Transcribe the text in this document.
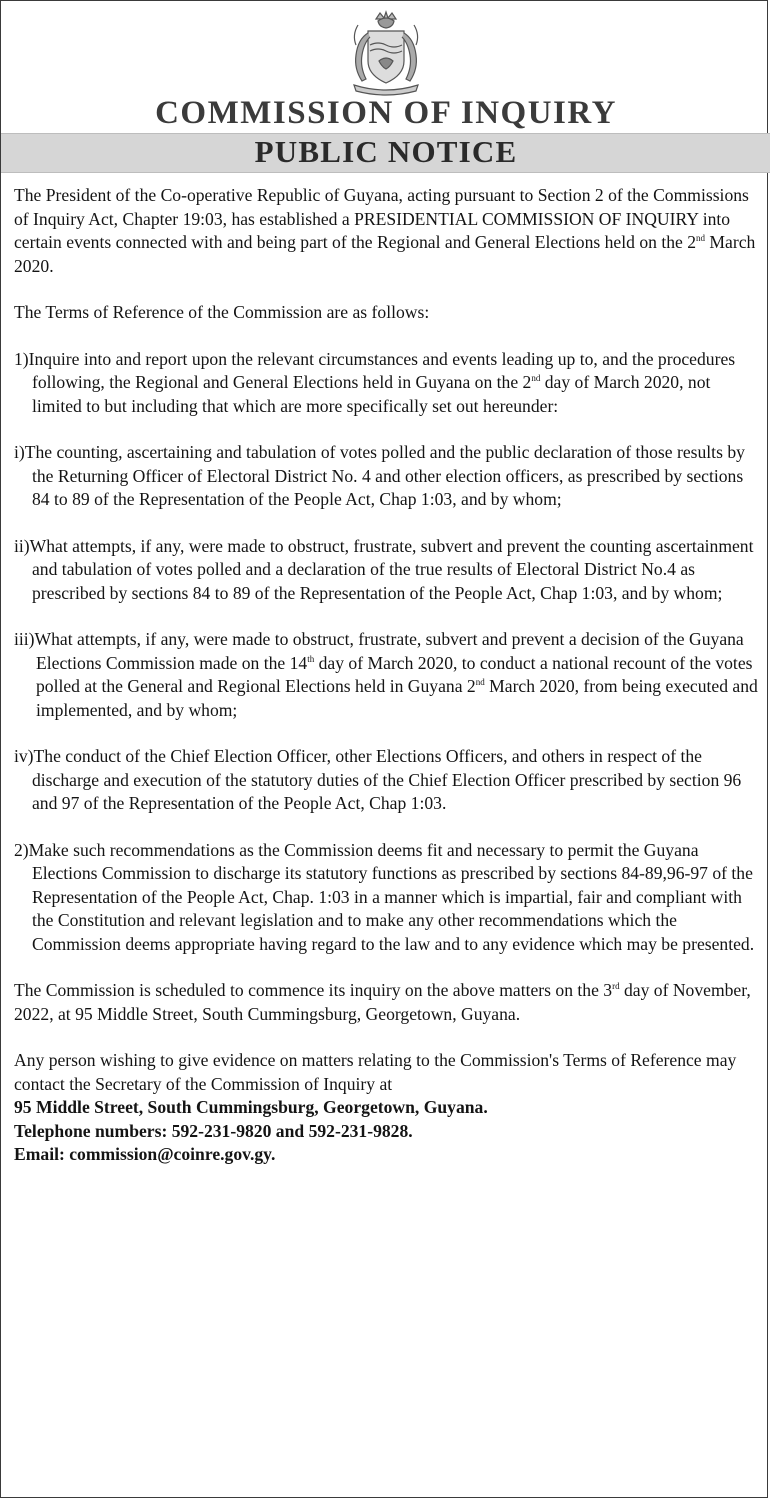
COMMISSION OF INQUIRY
PUBLIC NOTICE

The President of the Co-operative Republic of Guyana, acting pursuant to Section 2 of the Commissions of Inquiry Act, Chapter 19:03, has established a PRESIDENTIAL COMMISSION OF INQUIRY into certain events connected with and being part of the Regional and General Elections held on the 2nd March 2020.

The Terms of Reference of the Commission are as follows:

1)Inquire into and report upon the relevant circumstances and events leading up to, and the procedures following, the Regional and General Elections held in Guyana on the 2nd day of March 2020, not limited to but including that which are more specifically set out hereunder:

i)The counting, ascertaining and tabulation of votes polled and the public declaration of those results by the Returning Officer of Electoral District No. 4 and other election officers, as prescribed by sections 84 to 89 of the Representation of the People Act, Chap 1:03, and by whom;

ii)What attempts, if any, were made to obstruct, frustrate, subvert and prevent the counting ascertainment and tabulation of votes polled and a declaration of the true results of Electoral District No.4 as prescribed by sections 84 to 89 of the Representation of the People Act, Chap 1:03, and by whom;

iii)What attempts, if any, were made to obstruct, frustrate, subvert and prevent a decision of the Guyana Elections Commission made on the 14th day of March 2020, to conduct a national recount of the votes polled at the General and Regional Elections held in Guyana 2nd March 2020, from being executed and implemented, and by whom;

iv)The conduct of the Chief Election Officer, other Elections Officers, and others in respect of the discharge and execution of the statutory duties of the Chief Election Officer prescribed by section 96 and 97 of the Representation of the People Act, Chap 1:03.

2)Make such recommendations as the Commission deems fit and necessary to permit the Guyana Elections Commission to discharge its statutory functions as prescribed by sections 84-89,96-97 of the Representation of the People Act, Chap. 1:03 in a manner which is impartial, fair and compliant with the Constitution and relevant legislation and to make any other recommendations which the Commission deems appropriate having regard to the law and to any evidence which may be presented.

The Commission is scheduled to commence its inquiry on the above matters on the 3rd day of November, 2022, at 95 Middle Street, South Cummingsburg, Georgetown, Guyana.

Any person wishing to give evidence on matters relating to the Commission's Terms of Reference may contact the Secretary of the Commission of Inquiry at
95 Middle Street, South Cummingsburg, Georgetown, Guyana.
Telephone numbers: 592-231-9820 and 592-231-9828.
Email: commission@coinre.gov.gy.
